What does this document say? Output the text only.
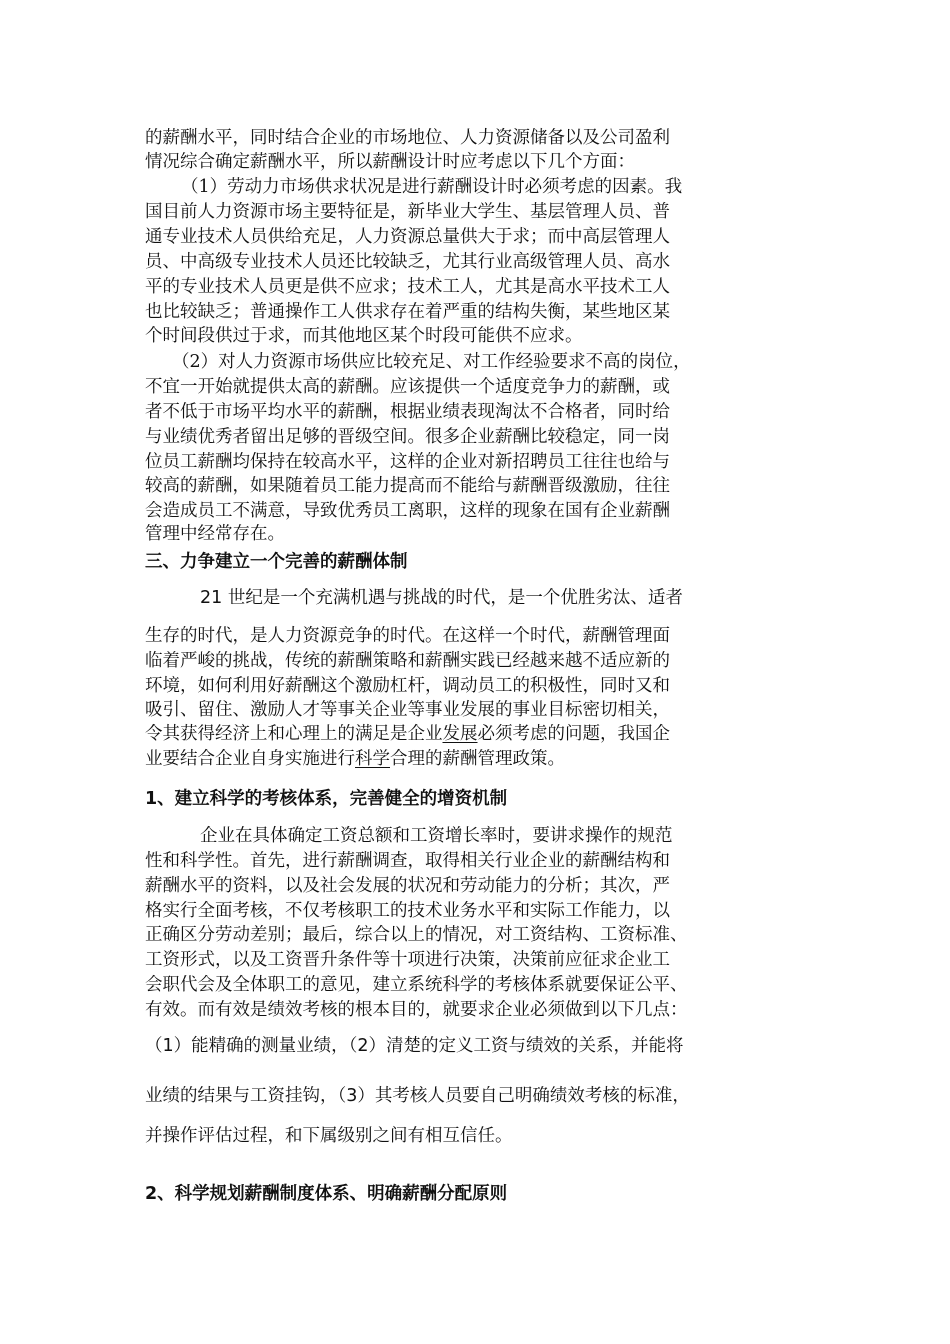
的薪酬水平，同时结合企业的市场地位、人力资源储备以及公司盈利
情况综合确定薪酬水平，所以薪酬设计时应考虑以下几个方面：
（1）劳动力市场供求状况是进行薪酬设计时必须考虑的因素。我
国目前人力资源市场主要特征是，新毕业大学生、基层管理人员、普
通专业技术人员供给充足，人力资源总量供大于求；而中高层管理人
员、中高级专业技术人员还比较缺乏，尤其行业高级管理人员、高水
平的专业技术人员更是供不应求；技术工人，尤其是高水平技术工人
也比较缺乏；普通操作工人供求存在着严重的结构失衡，某些地区某
个时间段供过于求，而其他地区某个时段可能供不应求。
（2）对人力资源市场供应比较充足、对工作经验要求不高的岗位，
不宜一开始就提供太高的薪酬。应该提供一个适度竞争力的薪酬，或
者不低于市场平均水平的薪酬，根据业绩表现淘汰不合格者，同时给
与业绩优秀者留出足够的晋级空间。很多企业薪酬比较稳定，同一岗
位员工薪酬均保持在较高水平，这样的企业对新招聘员工往往也给与
较高的薪酬，如果随着员工能力提高而不能给与薪酬晋级激励，往往
会造成员工不满意，导致优秀员工离职，这样的现象在国有企业薪酬
管理中经常存在。
三、力争建立一个完善的薪酬体制
21 世纪是一个充满机遇与挑战的时代，是一个优胜劣汰、适者
生存的时代，是人力资源竞争的时代。在这样一个时代，薪酬管理面
临着严峻的挑战，传统的薪酬策略和薪酬实践已经越来越不适应新的
环境，如何利用好薪酬这个激励杠杆，调动员工的积极性，同时又和
吸引、留住、激励人才等事关企业等事业发展的事业目标密切相关，
令其获得经济上和心理上的满足是企业发展必须考虑的问题，我国企
业要结合企业自身实施进行科学合理的薪酬管理政策。
1、建立科学的考核体系，完善健全的增资机制
企业在具体确定工资总额和工资增长率时，要讲求操作的规范
性和科学性。首先，进行薪酬调查，取得相关行业企业的薪酬结构和
薪酬水平的资料，以及社会发展的状况和劳动能力的分析；其次，严
格实行全面考核，不仅考核职工的技术业务水平和实际工作能力，以
正确区分劳动差别；最后，综合以上的情况，对工资结构、工资标准、
工资形式，以及工资晋升条件等十项进行决策，决策前应征求企业工
会职代会及全体职工的意见，建立系统科学的考核体系就要保证公平、
有效。而有效是绩效考核的根本目的，就要求企业必须做到以下几点：
（1）能精确的测量业绩，（2）清楚的定义工资与绩效的关系，并能将
业绩的结果与工资挂钩，（3）其考核人员要自己明确绩效考核的标准，
并操作评估过程，和下属级别之间有相互信任。
2、科学规划薪酬制度体系、明确薪酬分配原则
